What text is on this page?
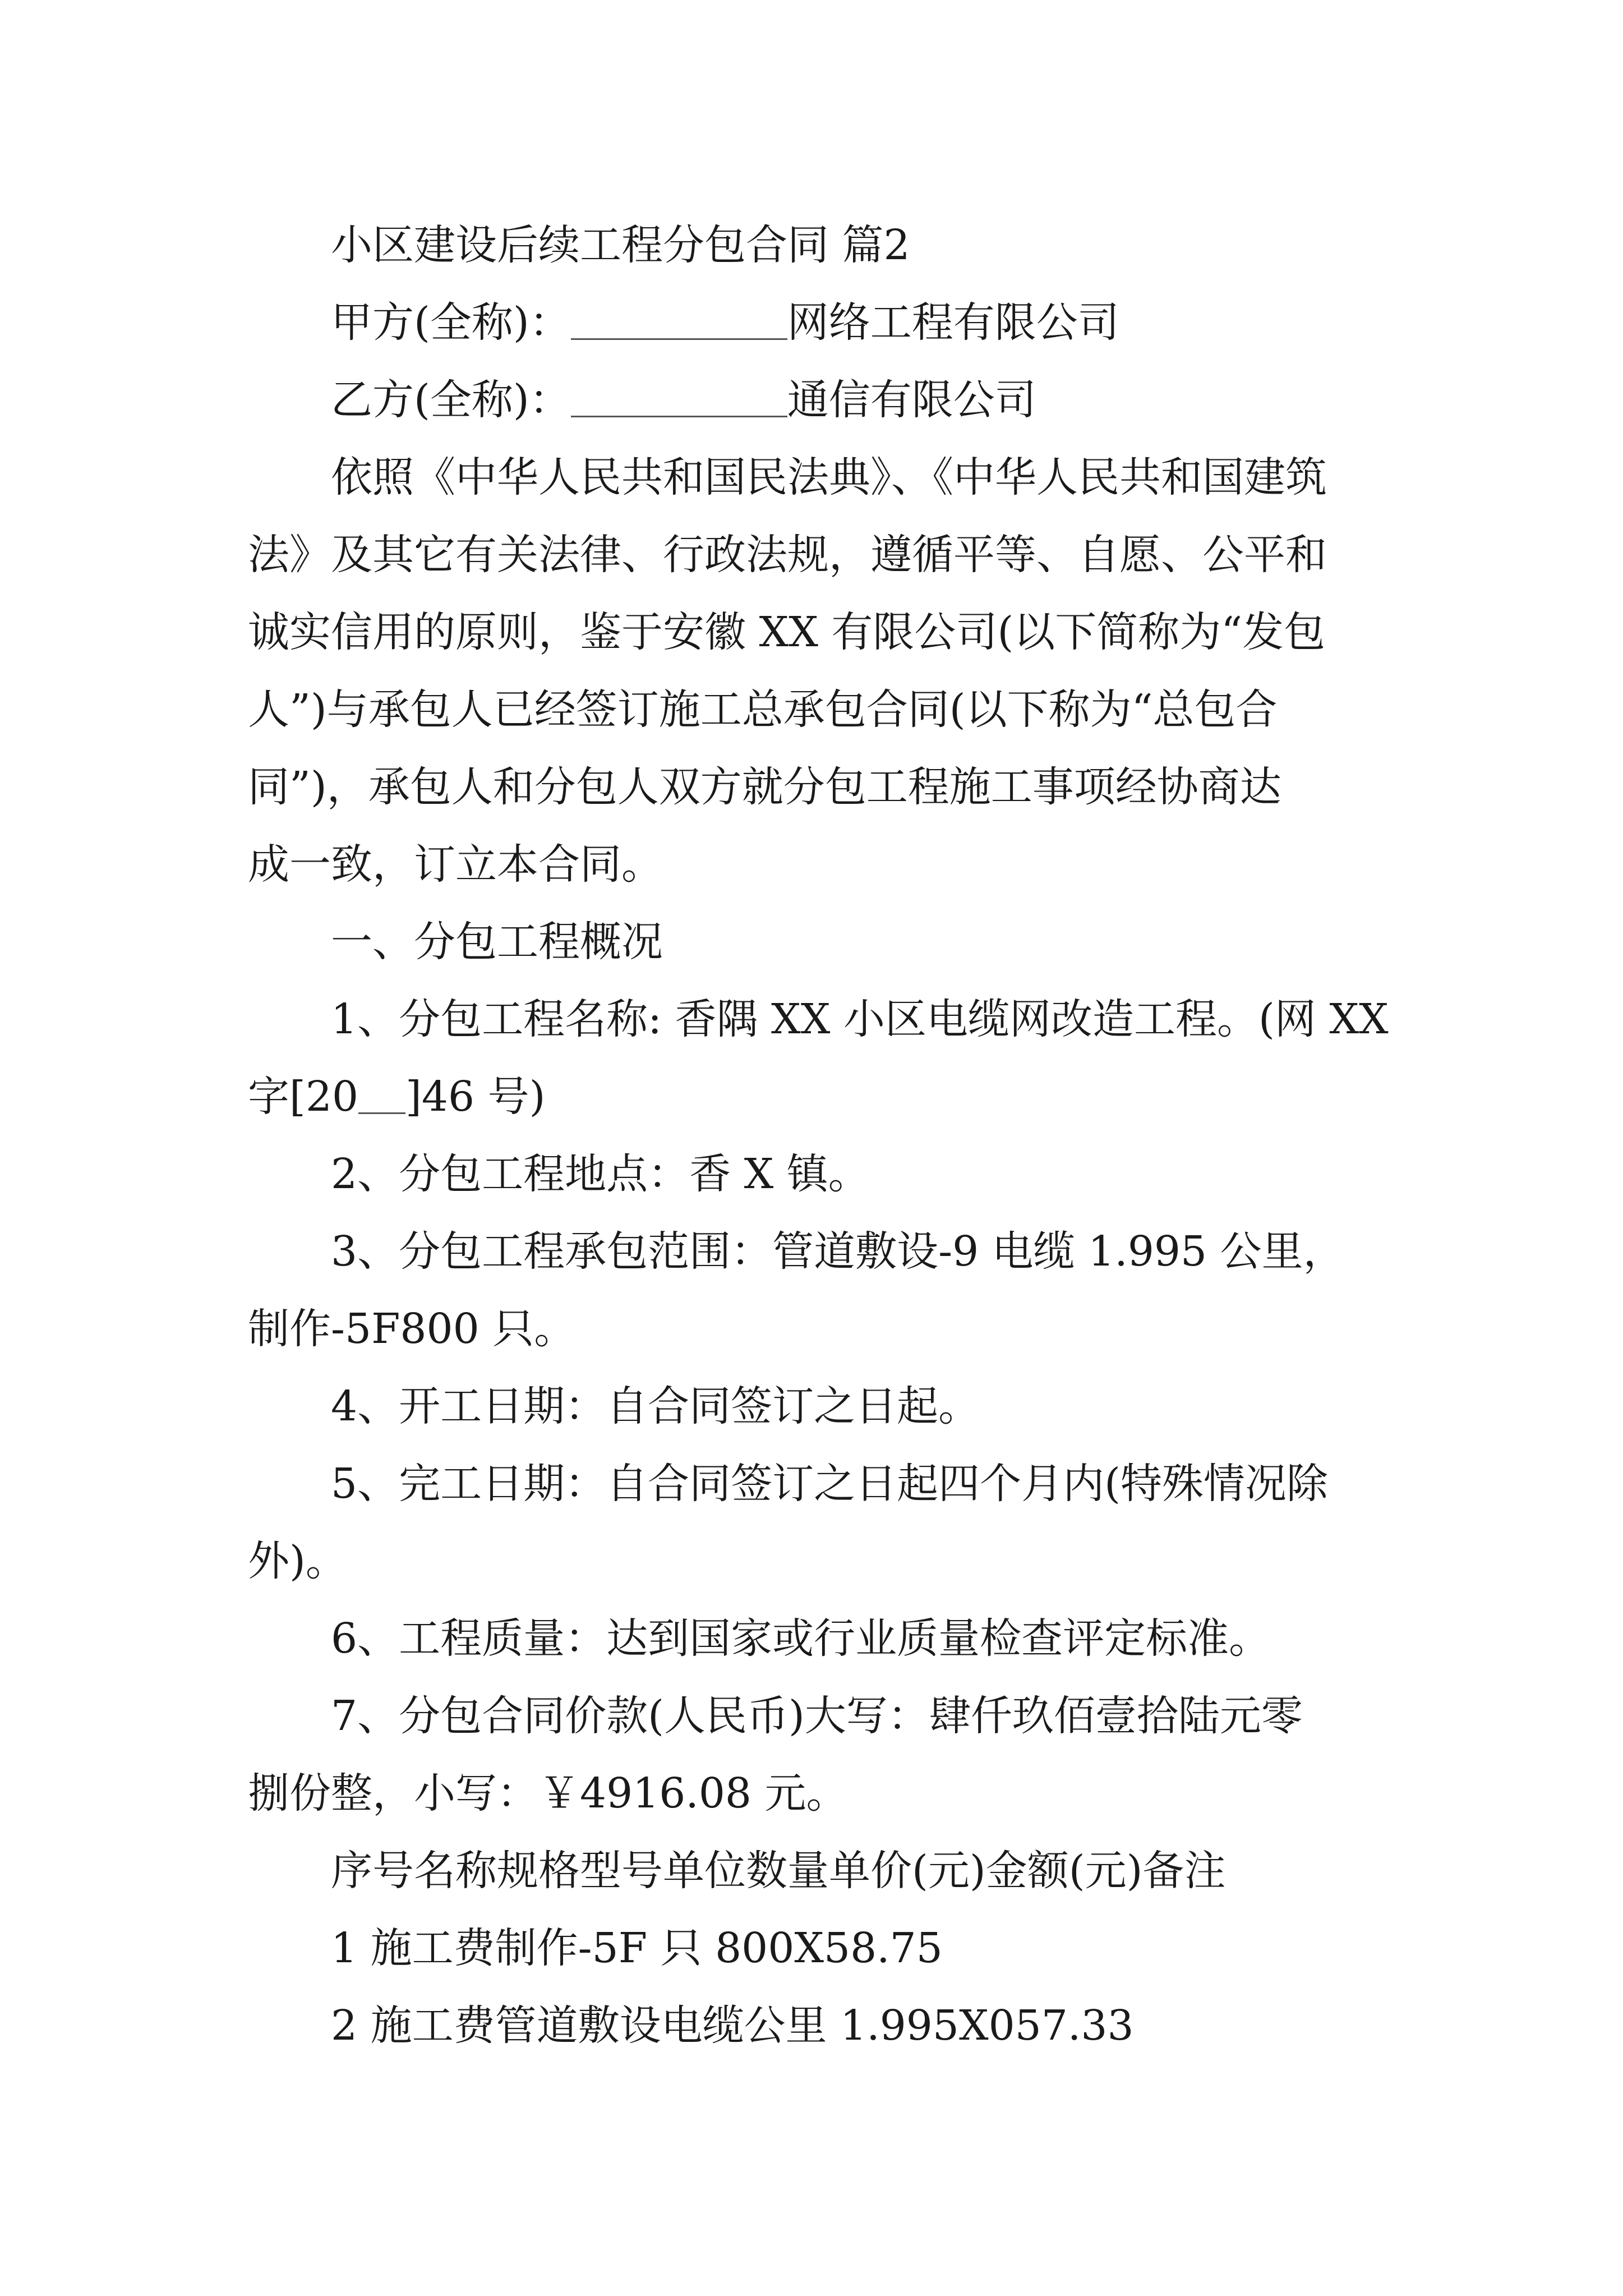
小区建设后续工程分包合同 篇2

甲方(全称)：	网络工程有限公司

乙方(全称)：	通信有限公司

依照《中华人民共和国民法典》、《中华人民共和国建筑

法》及其它有关法律、行政法规，遵循平等、自愿、公平和

诚实信用的原则，鉴于安徽 XX 有限公司(以下简称为“发包

人”)与承包人已经签订施工总承包合同(以下称为“总包合

同”)，承包人和分包人双方就分包工程施工事项经协商达

成一致，订立本合同。

一、分包工程概况

1、分包工程名称: 香隅 XX 小区电缆网改造工程。(网 XX

字[20 ]46 号)

2、分包工程地点：香 X 镇。

3、分包工程承包范围：管道敷设-9 电缆 1.995 公里，

制作-5F800 只。

4、开工日期：自合同签订之日起。

5、完工日期：自合同签订之日起四个月内(特殊情况除

外)。

6、工程质量：达到国家或行业质量检查评定标准。

7、分包合同价款(人民币)大写：肆仟玖佰壹拾陆元零

捌份整，小写：￥4916.08 元。

序号名称规格型号单位数量单价(元)金额(元)备注

1 施工费制作-5F 只 800X58.75

2 施工费管道敷设电缆公里 1.995X057.33
